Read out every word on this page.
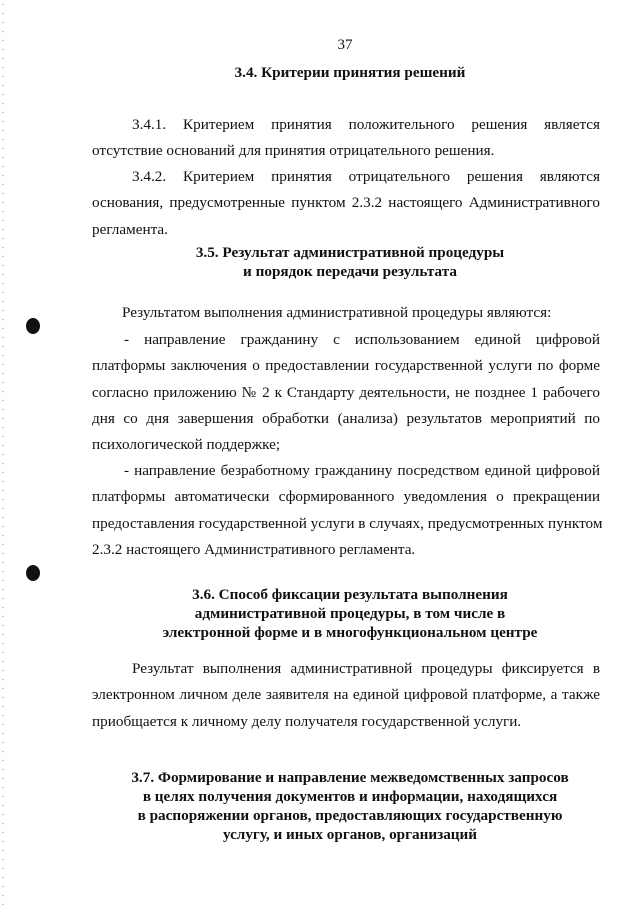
37
3.4. Критерии принятия решений
3.4.1. Критерием принятия положительного решения является
отсутствие оснований для принятия отрицательного решения.
3.4.2. Критерием принятия отрицательного решения являются
основания, предусмотренные пунктом 2.3.2 настоящего Административного
регламента.
3.5. Результат административной процедуры
и порядок передачи результата
Результатом выполнения административной процедуры являются:
- направление гражданину с использованием единой цифровой
платформы заключения о предоставлении государственной услуги по форме
согласно приложению № 2 к Стандарту деятельности, не позднее 1 рабочего
дня со дня завершения обработки (анализа) результатов мероприятий по
психологической поддержке;
- направление безработному гражданину посредством единой цифровой
платформы автоматически сформированного уведомления о прекращении
предоставления государственной услуги в случаях, предусмотренных пунктом
2.3.2 настоящего Административного регламента.
3.6. Способ фиксации результата выполнения
административной процедуры, в том числе в
электронной форме и в многофункциональном центре
Результат выполнения административной процедуры фиксируется в
электронном личном деле заявителя на единой цифровой платформе, а также
приобщается к личному делу получателя государственной услуги.
3.7. Формирование и направление межведомственных запросов
в целях получения документов и информации, находящихся
в распоряжении органов, предоставляющих государственную
услугу, и иных органов, организаций
